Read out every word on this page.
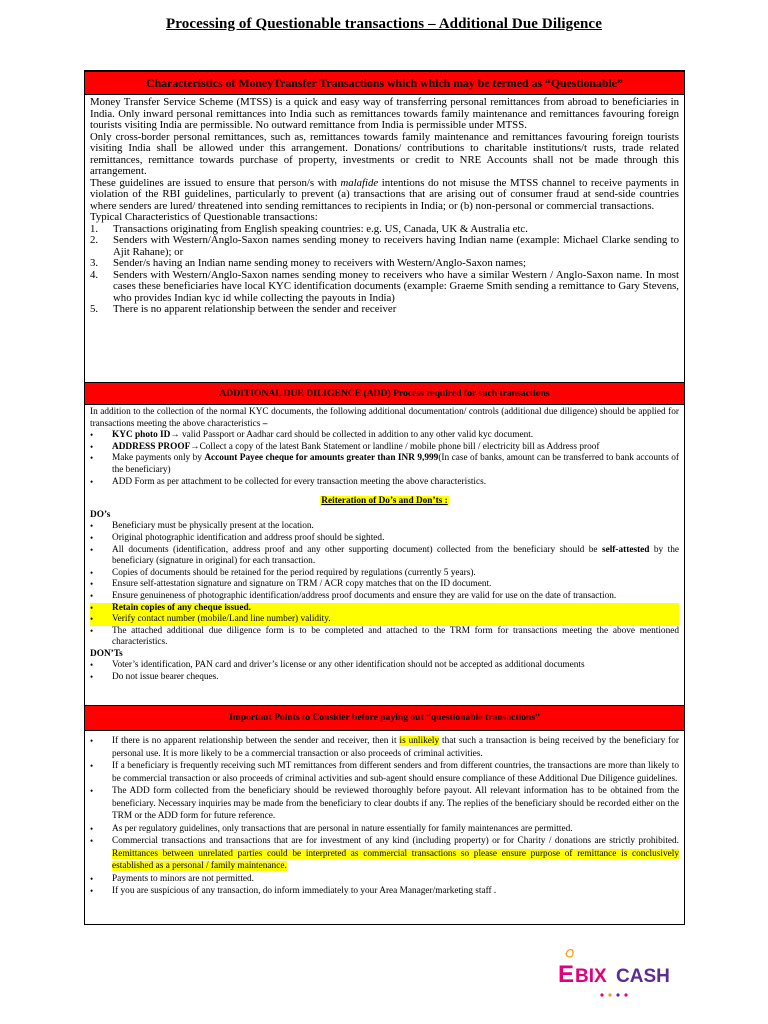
Processing of Questionable transactions – Additional Due Diligence
Characteristics of MoneyTransfer Transactions which which may be termed as “Questionable”

Money Transfer Service Scheme (MTSS) is a quick and easy way of transferring personal remittances from abroad to beneficiaries in India. Only inward personal remittances into India such as remittances towards family maintenance and remittances favouring foreign tourists visiting India are permissible. No outward remittance from India is permissible under MTSS.

Only cross-border personal remittances, such as, remittances towards family maintenance and remittances favouring foreign tourists visiting India shall be allowed under this arrangement. Donations/ contributions to charitable institutions/t rusts, trade related remittances, remittance towards purchase of property, investments or credit to NRE Accounts shall not be made through this arrangement.

These guidelines are issued to ensure that person/s with malafide intentions do not misuse the MTSS channel to receive payments in violation of the RBI guidelines, particularly to prevent (a) transactions that are arising out of consumer fraud at send-side countries where senders are lured/ threatened into sending remittances to recipients in India; or (b) non-personal or commercial transactions.

Typical Characteristics of Questionable transactions:

1.	Transactions originating from English speaking countries: e.g. US, Canada, UK & Australia etc.
2.	Senders with Western/Anglo-Saxon names sending money to receivers having Indian name (example: Michael Clarke sending to Ajit Rahane); or
3.	Sender/s having an Indian name sending money to receivers with Western/Anglo-Saxon names;
4.	Senders with Western/Anglo-Saxon names sending money to receivers who have a similar Western / Anglo-Saxon name. In most cases these beneficiaries have local KYC identification documents (example: Graeme Smith sending a remittance to Gary Stevens, who provides Indian kyc id while collecting the payouts in India)
5.	There is no apparent relationship between the sender and receiver
ADDITIONAL DUE DILIGENCE (ADD) Process required for such transactions

In addition to the collection of the normal KYC documents, the following additional documentation/ controls (additional due diligence) should be applied for transactions meeting the above characteristics –

•	KYC photo ID→ valid Passport or Aadhar card should be collected in addition to any other valid kyc document.
•	ADDRESS PROOF→Collect a copy of the latest Bank Statement or landline / mobile phone bill / electricity bill as Address proof
•	Make payments only by Account Payee cheque for amounts greater than INR 9,999(In case of banks, amount can be transferred to bank accounts of the beneficiary)
•	ADD Form as per attachment to be collected for every transaction meeting the above characteristics.

Reiteration of Do’s and Don’ts :

DO’s

•	Beneficiary must be physically present at the location.
•	Original photographic identification and address proof should be sighted.
•	All documents (identification, address proof and any other supporting document) collected from the beneficiary should be self-attested by the beneficiary (signature in original) for each transaction.
•	Copies of documents should be retained for the period required by regulations (currently 5 years).
•	Ensure self-attestation signature and signature on TRM / ACR copy matches that on the ID document.
•	Ensure genuineness of photographic identification/address proof documents and ensure they are valid for use on the date of transaction.
•	Retain copies of any cheque issued.
•	Verify contact number (mobile/Land line number) validity.
•	The attached additional due diligence form is to be completed and attached to the TRM form for transactions meeting the above mentioned characteristics.

DON’Ts

•	Voter’s identification, PAN card and driver’s license or any other identification should not be accepted as additional documents
•	Do not issue bearer cheques.
Important Points to Consider before paying out “questionable transactions”
•	If there is no apparent relationship between the sender and receiver, then it is unlikely that such a transaction is being received by the beneficiary for personal use. It is more likely to be a commercial transaction or also proceeds of criminal activities.
•	If a beneficiary is frequently receiving such MT remittances from different senders and from different countries, the transactions are more than likely to be commercial transaction or also proceeds of criminal activities and sub-agent should ensure compliance of these Additional Due Diligence guidelines.
•	The ADD form collected from the beneficiary should be reviewed thoroughly before payout. All relevant information has to be obtained from the beneficiary. Necessary inquiries may be made from the beneficiary to clear doubts if any. The replies of the beneficiary should be recorded either on the TRM or the ADD form for future reference.
•	As per regulatory guidelines, only transactions that are personal in nature essentially for family maintenances are permitted.
•	Commercial transactions and transactions that are for investment of any kind (including property) or for Charity / donations are strictly prohibited. Remittances between unrelated parties could be interpreted as commercial transactions so please ensure purpose of remittance is conclusively established as a personal / family maintenance.
•	Payments to minors are not permitted.
•	If you are suspicious of any transaction, do inform immediately to your Area Manager/marketing staff .
E BIX CASH
